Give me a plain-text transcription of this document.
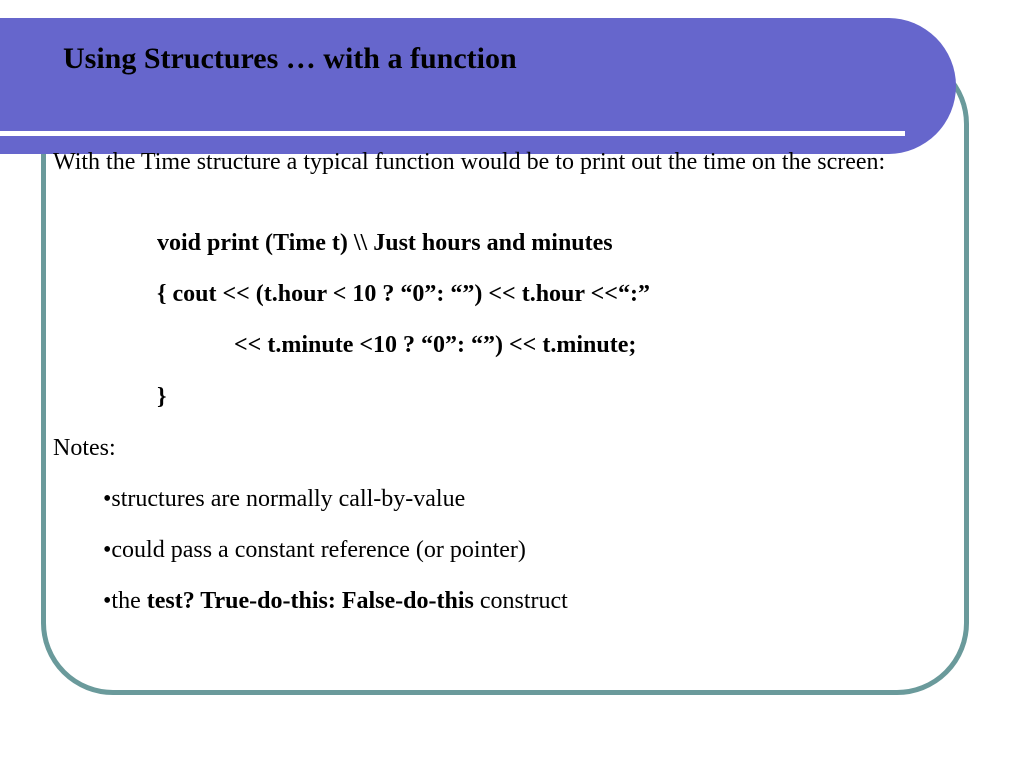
Using Structures … with a function

With the Time structure a typical function would be to print out the time on the screen:

void print (Time t) \\ Just hours and minutes

{ cout << (t.hour < 10 ? “0”: “”) << t.hour <<“:”

<< t.minute <10 ? “0”: “”) << t.minute;

}

Notes:

•structures are normally call-by-value

•could pass a constant reference (or pointer)

•the test? True-do-this: False-do-this construct
